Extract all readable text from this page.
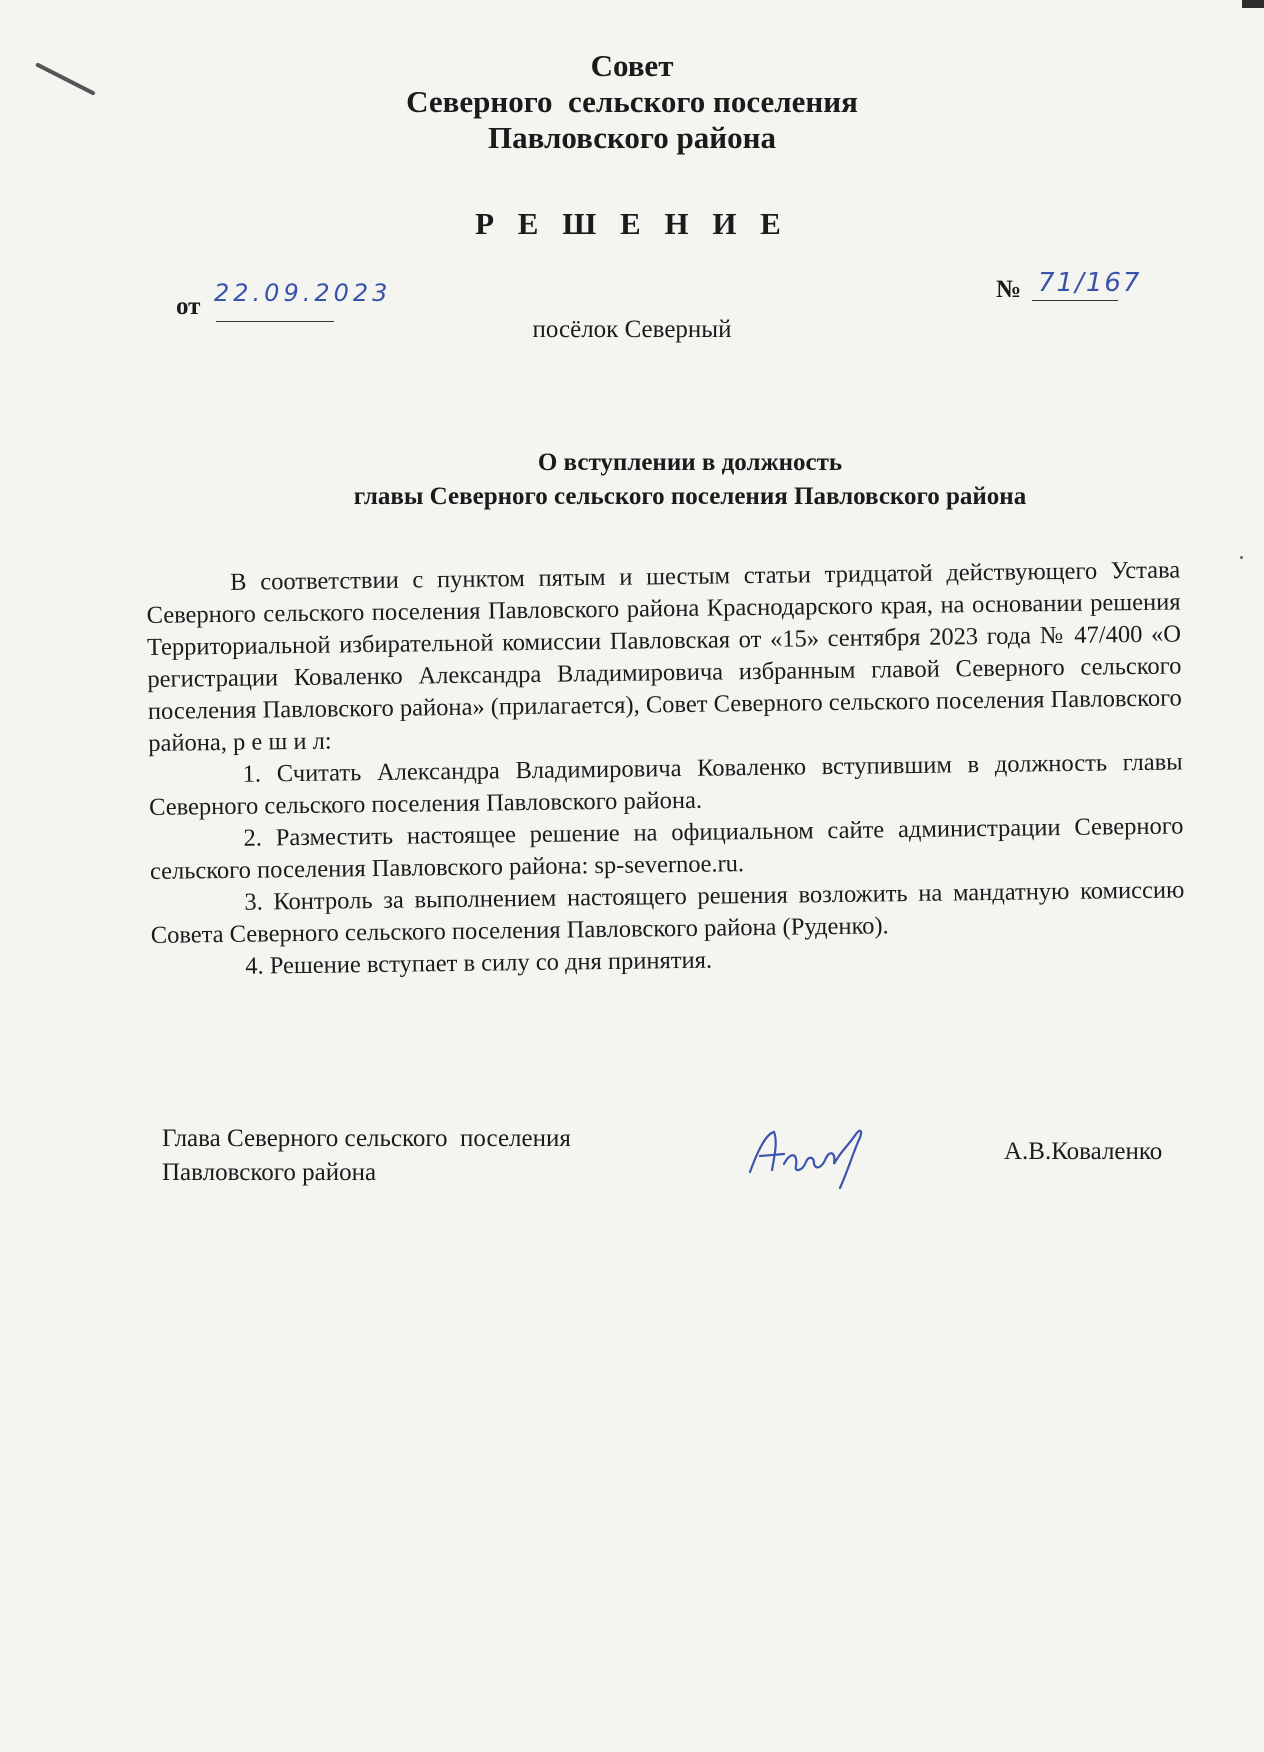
Совет
Северного  сельского поселения
Павловского района
Р Е Ш Е Н И Е
от 22.09.2023	№ 71/167
посёлок Северный
О вступлении в должность
главы Северного сельского поселения Павловского района

В соответствии с пунктом пятым и шестым статьи тридцатой действующего Устава Северного сельского поселения Павловского района Краснодарского края, на основании решения Территориальной избирательной комиссии Павловская от «15» сентября 2023 года № 47/400 «О регистрации Коваленко Александра Владимировича избранным главой Северного сельского поселения Павловского района» (прилагается), Совет Северного сельского поселения Павловского района, р е ш и л:

1. Считать Александра Владимировича Коваленко вступившим в должность главы Северного сельского поселения Павловского района.

2. Разместить настоящее решение на официальном сайте администрации Северного сельского поселения Павловского района: sp-severnoe.ru.

3. Контроль за выполнением настоящего решения возложить на мандатную комиссию Совета Северного сельского поселения Павловского района (Руденко).

4. Решение вступает в силу со дня принятия.

Глава Северного сельского  поселения
Павловского района
А.В.Коваленко
